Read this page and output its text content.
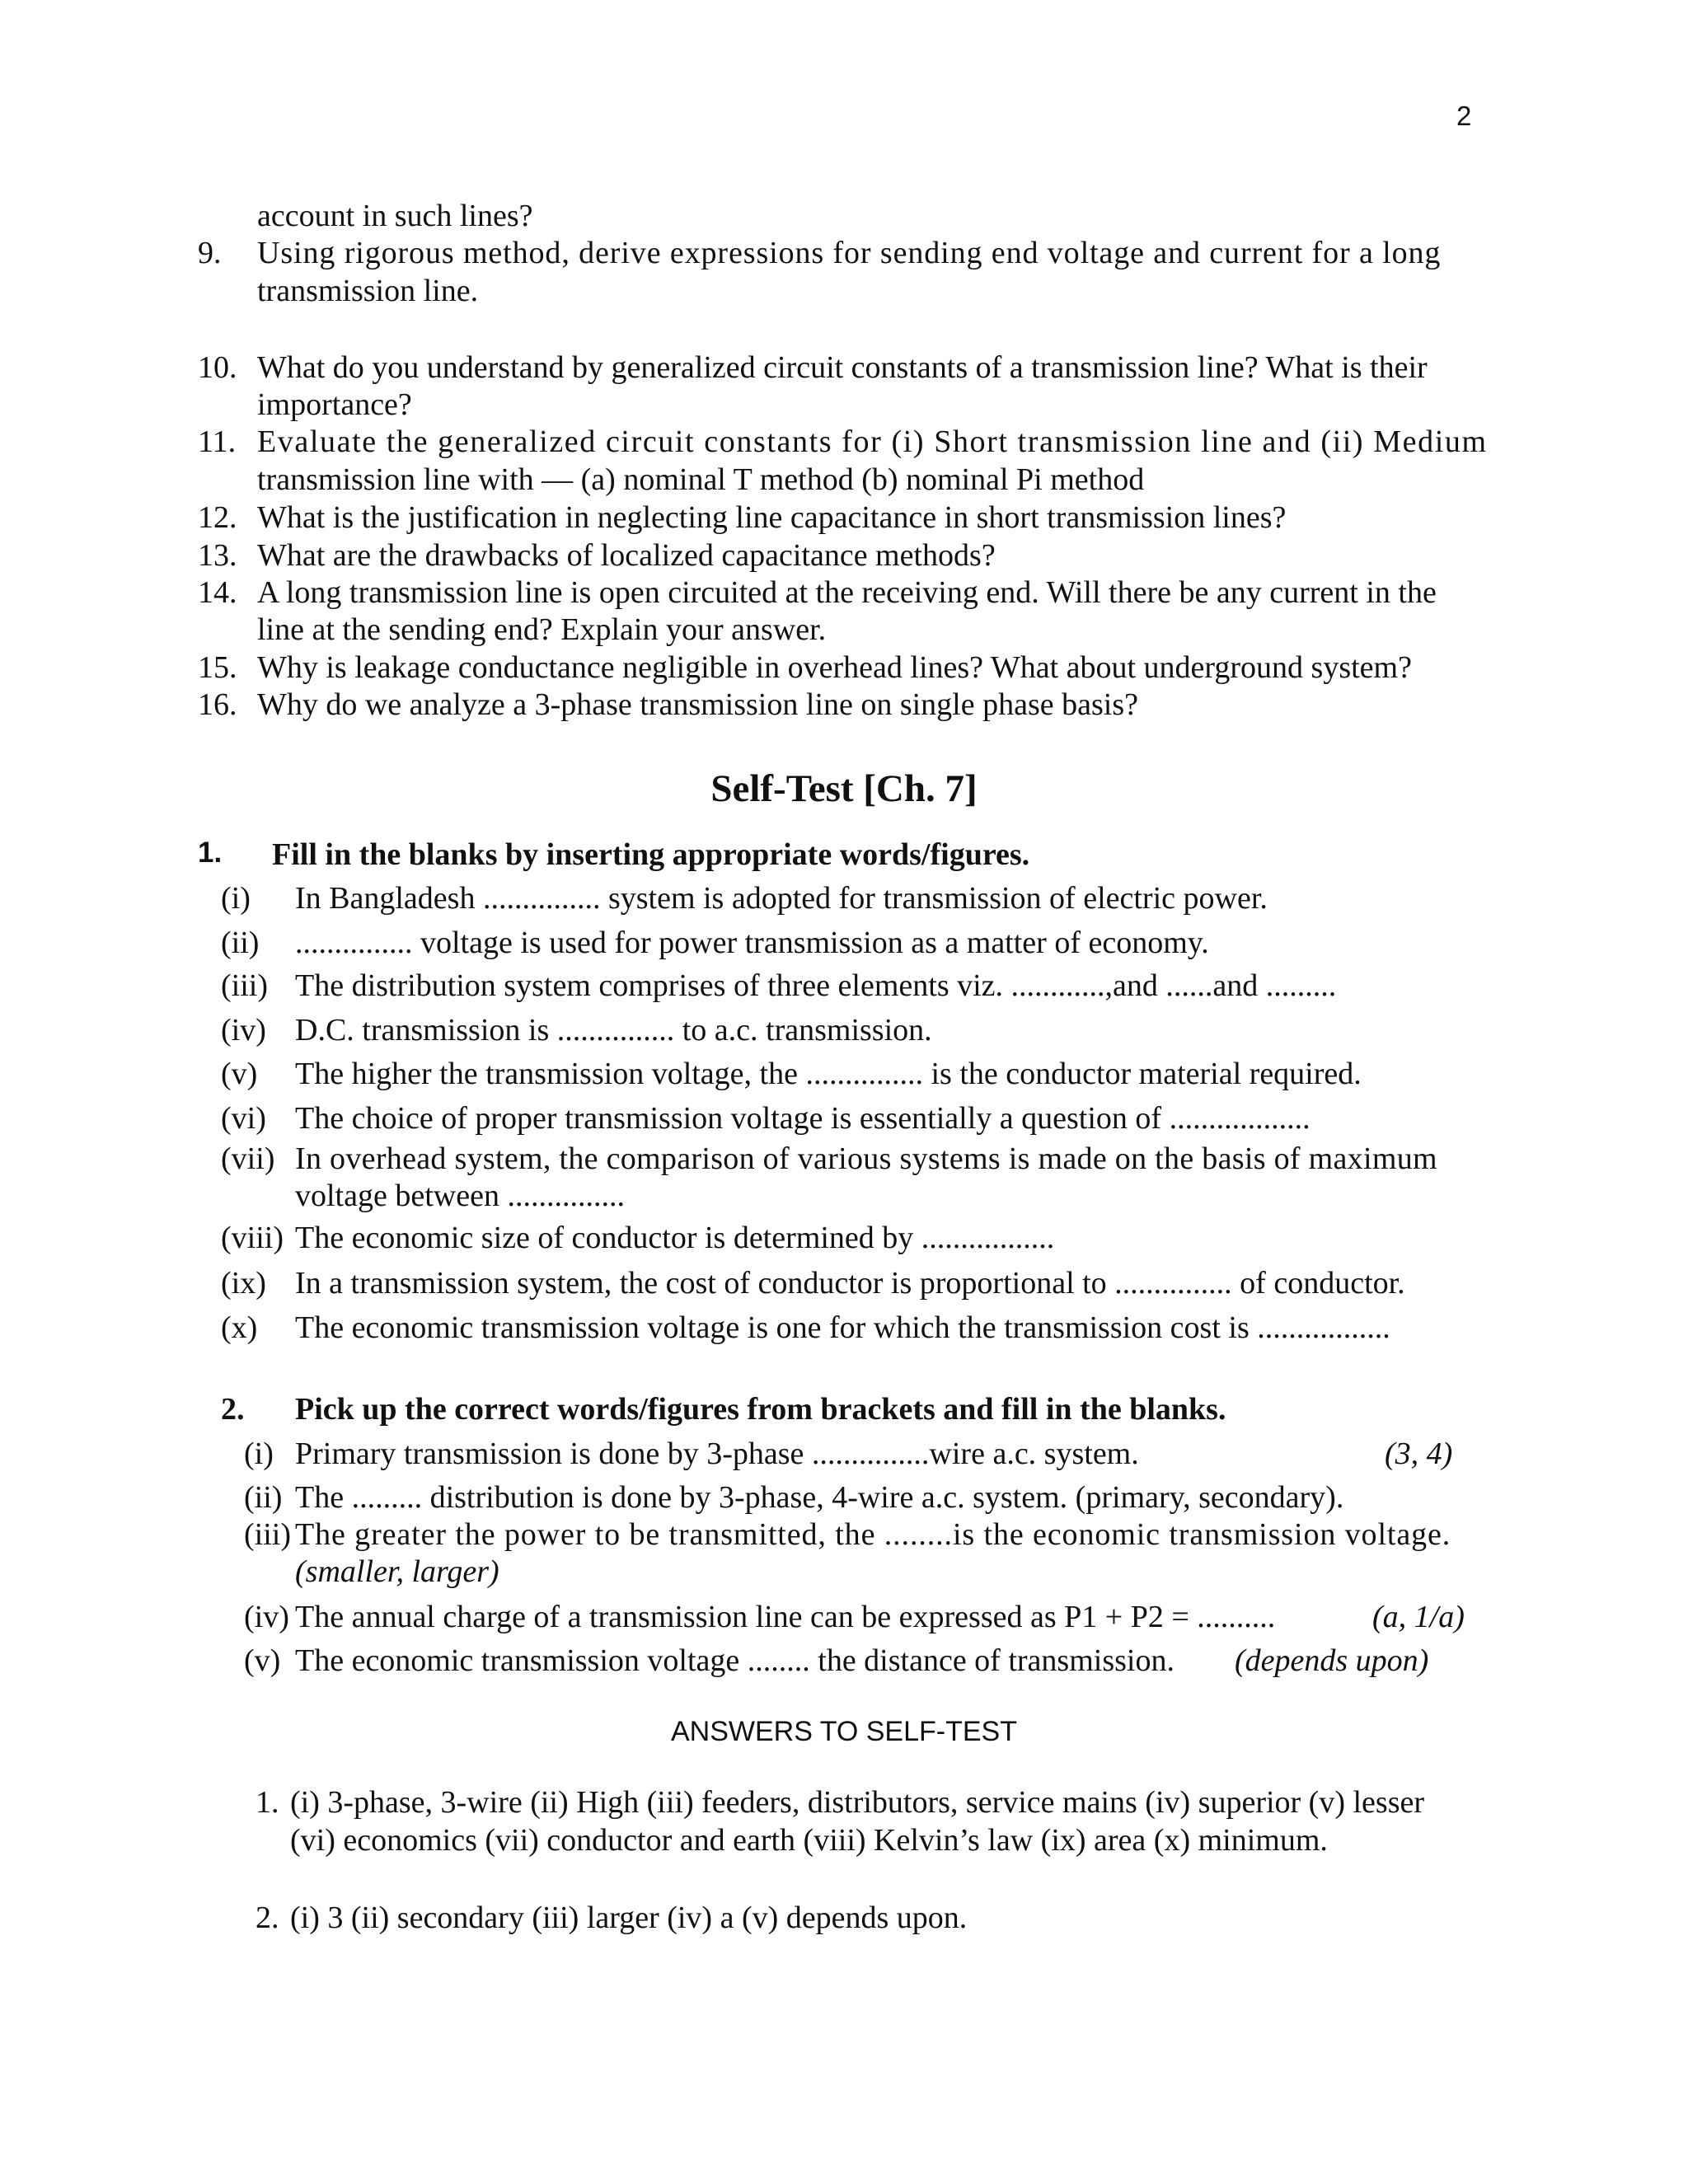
2
account in such lines?
9. Using rigorous method, derive expressions for sending end voltage and current for a long
transmission line.
10. What do you understand by generalized circuit constants of a transmission line? What is their
importance?
11. Evaluate the generalized circuit constants for (i) Short transmission line and (ii) Medium
transmission line with — (a) nominal T method (b) nominal Pi method
12. What is the justification in neglecting line capacitance in short transmission lines?
13. What are the drawbacks of localized capacitance methods?
14. A long transmission line is open circuited at the receiving end. Will there be any current in the
line at the sending end? Explain your answer.
15. Why is leakage conductance negligible in overhead lines? What about underground system?
16. Why do we analyze a 3-phase transmission line on single phase basis?
Self-Test [Ch. 7]
1. Fill in the blanks by inserting appropriate words/figures.
(i) In Bangladesh ............... system is adopted for transmission of electric power.
(ii) ............... voltage is used for power transmission as a matter of economy.
(iii) The distribution system comprises of three elements viz. ............,and ......and .........
(iv) D.C. transmission is ............... to a.c. transmission.
(v) The higher the transmission voltage, the ............... is the conductor material required.
(vi) The choice of proper transmission voltage is essentially a question of ..................
(vii) In overhead system, the comparison of various systems is made on the basis of maximum
voltage between ...............
(viii) The economic size of conductor is determined by .................
(ix) In a transmission system, the cost of conductor is proportional to ............... of conductor.
(x) The economic transmission voltage is one for which the transmission cost is .................
2. Pick up the correct words/figures from brackets and fill in the blanks.
(i) Primary transmission is done by 3-phase ...............wire a.c. system.	(3, 4)
(ii) The ......... distribution is done by 3-phase, 4-wire a.c. system. (primary, secondary).
(iii) The greater the power to be transmitted, the ........is the economic transmission voltage.
(smaller, larger)
(iv) The annual charge of a transmission line can be expressed as P1 + P2 = ..........	(a, 1/a)
(v) The economic transmission voltage ........ the distance of transmission. (depends upon)
ANSWERS TO SELF-TEST
1. (i) 3-phase, 3-wire (ii) High (iii) feeders, distributors, service mains (iv) superior (v) lesser
(vi) economics (vii) conductor and earth (viii) Kelvin’s law (ix) area (x) minimum.
2. (i) 3 (ii) secondary (iii) larger (iv) a (v) depends upon.
